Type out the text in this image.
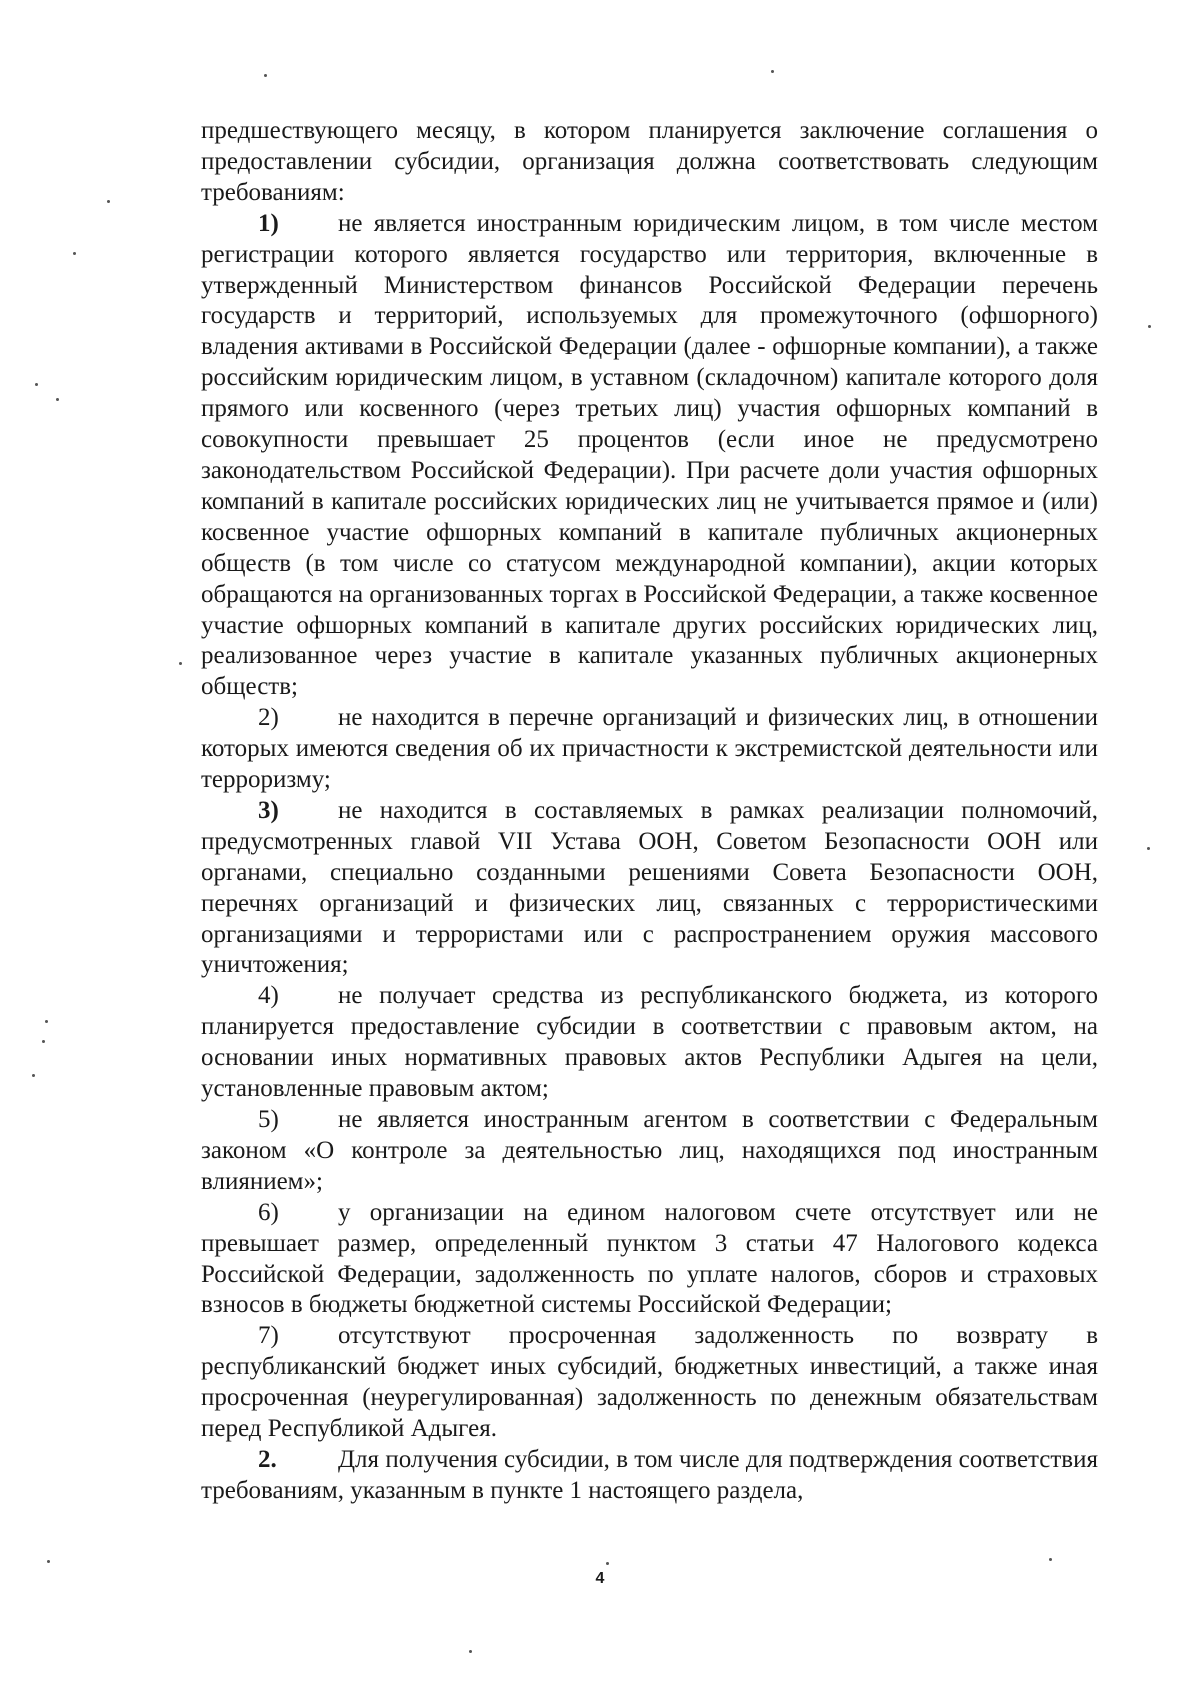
предшествующего месяцу, в котором планируется заключение соглашения о предоставлении субсидии, организация должна соответствовать следующим требованиям:

1) не является иностранным юридическим лицом, в том числе местом регистрации которого является государство или территория, включенные в утвержденный Министерством финансов Российской Федерации перечень государств и территорий, используемых для промежуточного (офшорного) владения активами в Российской Федерации (далее - офшорные компании), а также российским юридическим лицом, в уставном (складочном) капитале которого доля прямого или косвенного (через третьих лиц) участия офшорных компаний в совокупности превышает 25 процентов (если иное не предусмотрено законодательством Российской Федерации). При расчете доли участия офшорных компаний в капитале российских юридических лиц не учитывается прямое и (или) косвенное участие офшорных компаний в капитале публичных акционерных обществ (в том числе со статусом международной компании), акции которых обращаются на организованных торгах в Российской Федерации, а также косвенное участие офшорных компаний в капитале других российских юридических лиц, реализованное через участие в капитале указанных публичных акционерных обществ;

2) не находится в перечне организаций и физических лиц, в отношении которых имеются сведения об их причастности к экстремистской деятельности или терроризму;

3) не находится в составляемых в рамках реализации полномочий, предусмотренных главой VII Устава ООН, Советом Безопасности ООН или органами, специально созданными решениями Совета Безопасности ООН, перечнях организаций и физических лиц, связанных с террористическими организациями и террористами или с распространением оружия массового уничтожения;

4) не получает средства из республиканского бюджета, из которого планируется предоставление субсидии в соответствии с правовым актом, на основании иных нормативных правовых актов Республики Адыгея на цели, установленные правовым актом;

5) не является иностранным агентом в соответствии с Федеральным законом «О контроле за деятельностью лиц, находящихся под иностранным влиянием»;

6) у организации на едином налоговом счете отсутствует или не превышает размер, определенный пунктом 3 статьи 47 Налогового кодекса Российской Федерации, задолженность по уплате налогов, сборов и страховых взносов в бюджеты бюджетной системы Российской Федерации;

7) отсутствуют просроченная задолженность по возврату в республиканский бюджет иных субсидий, бюджетных инвестиций, а также иная просроченная (неурегулированная) задолженность по денежным обязательствам перед Республикой Адыгея.

2. Для получения субсидии, в том числе для подтверждения соответствия требованиям, указанным в пункте 1 настоящего раздела,

4
